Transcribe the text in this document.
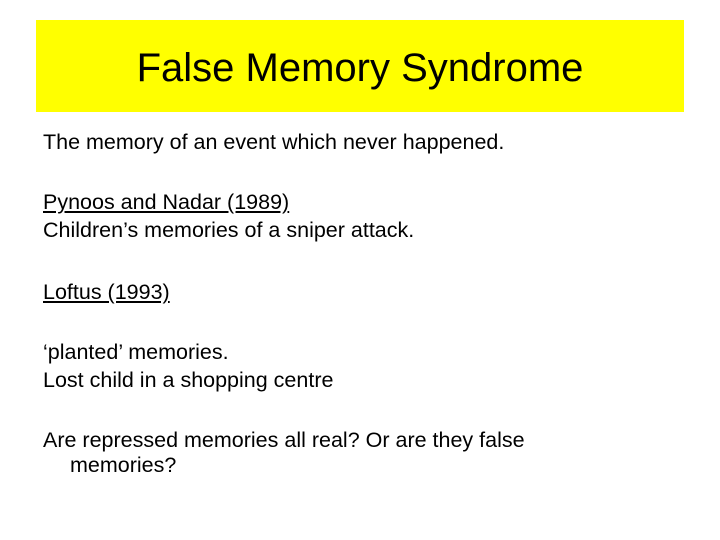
False Memory Syndrome
The memory of an event which never happened.
Pynoos and Nadar (1989)
Children’s memories of a sniper attack.
Loftus (1993)
‘planted’ memories.
Lost child in a shopping centre
Are repressed memories all real? Or are they false
memories?
